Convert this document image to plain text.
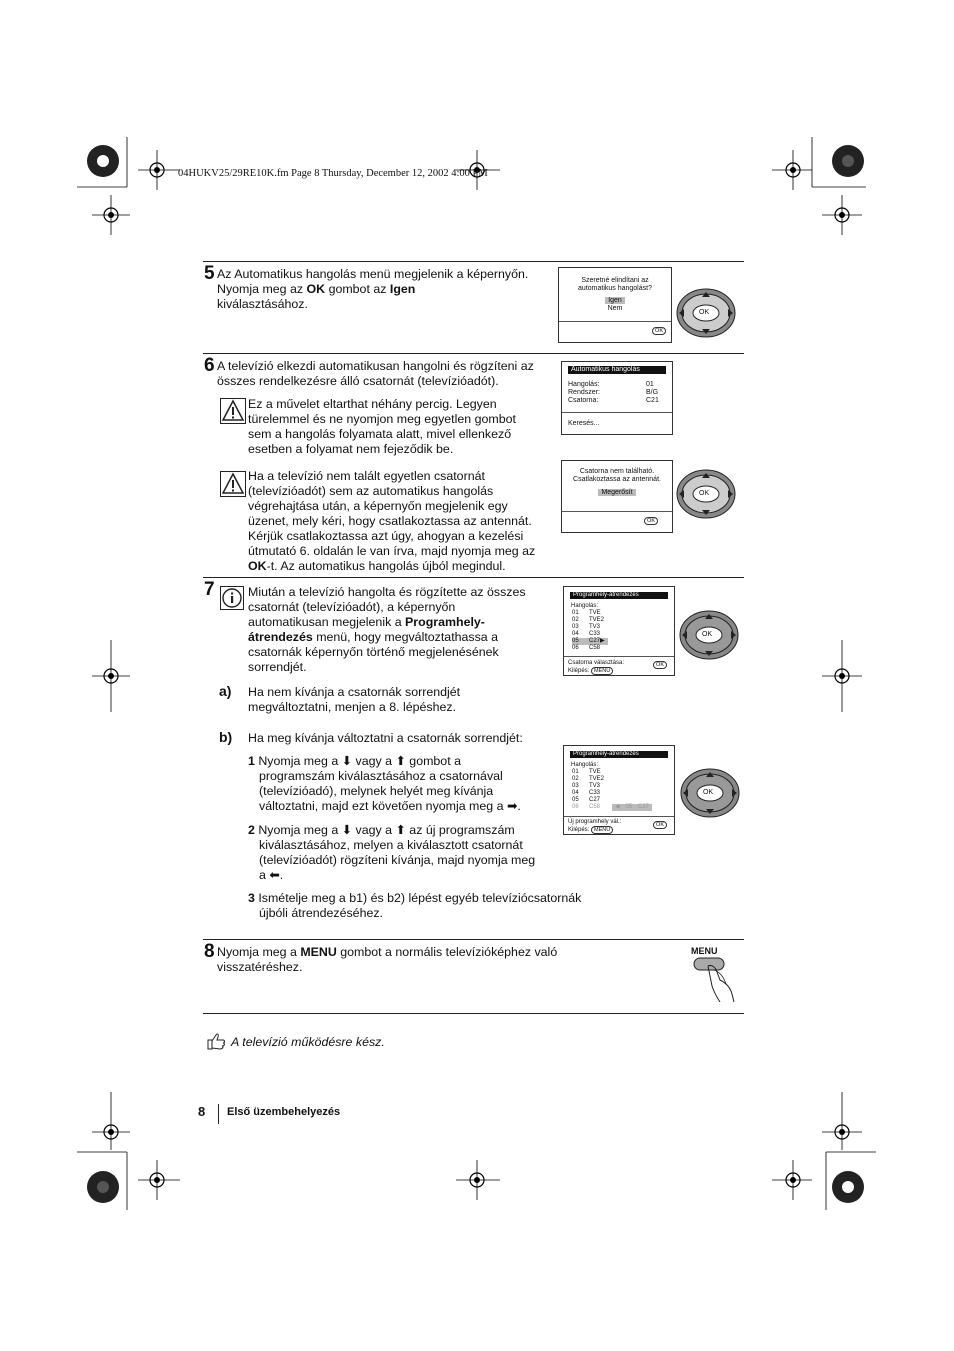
04HUKV25/29RE10K.fm Page 8 Thursday, December 12, 2002 4:00 PM
5 Az Automatikus hangolás menü megjelenik a képernyőn.
Nyomja meg az OK gombot az Igen
kiválasztásához.
Szeretné elindítani az
automatikus hangolást?
Igen
Nem
OK
OK
6 A televízió elkezdi automatikusan hangolni és rögzíteni az
összes rendelkezésre álló csatornát (televízióadót).
Ez a művelet eltarthat néhány percig. Legyen
türelemmel és ne nyomjon meg egyetlen gombot
sem a hangolás folyamata alatt, mivel ellenkező
esetben a folyamat nem fejeződik be.
Ha a televízió nem talált egyetlen csatornát
(televízióadót) sem az automatikus hangolás
végrehajtása után, a képernyőn megjelenik egy
üzenet, mely kéri, hogy csatlakoztassa az antennát.
Kérjük csatlakoztassa azt úgy, ahogyan a kezelési
útmutató 6. oldalán le van írva, majd nyomja meg az
OK-t. Az automatikus hangolás újból megindul.
Automatikus hangolás
Hangolás:	01
Rendszer:	B/G
Csatorna:	C21
Keresés...
Csatorna nem található.
Csatlakoztassa az antennát.
Megerősít
OK
OK
7	Miután a televízió hangolta és rögzítette az összes
csatornát (televízióadót), a képernyőn
automatikusan megjelenik a Programhely-
átrendezés menü, hogy megváltoztathassa a
csatornák képernyőn történő megjelenésének
sorrendjét.
a) Ha nem kívánja a csatornák sorrendjét
megváltoztatni, menjen a 8. lépéshez.
b) Ha meg kívánja változtatni a csatornák sorrendjét:
1 Nyomja meg a ⬇ vagy a ⬆ gombot a
programszám kiválasztásához a csatornával
(televízióadó), melynek helyét meg kívánja
változtatni, majd ezt követően nyomja meg a ➡.
2 Nyomja meg a ⬇ vagy a ⬆ az új programszám
kiválasztásához, melyen a kiválasztott csatornát
(televízióadót) rögzíteni kívánja, majd nyomja meg
a ⬅.
3 Ismételje meg a b1) és b2) lépést egyéb televíziócsatornák
újbóli átrendezéséhez.
Programhely-átrendezés
Hangolás:
01	TVE
02	TVE2
03	TV3
04	C33
05	C27 ▶
06	C58
Csatorna választása:
Kilépés: MENU
OK
OK
Programhely-átrendezés
Hangolás:
01	TVE
02	TVE2
03	TV3
04	C33
05	C27
06	C58	◀ 05 C27
Új programhely vál.:
Kilépés: MENU
OK
OK
8 Nyomja meg a MENU gombot a normális televízióképhez való
visszatéréshez.
MENU
A televízió működésre kész.
8 Első üzembehelyezés
